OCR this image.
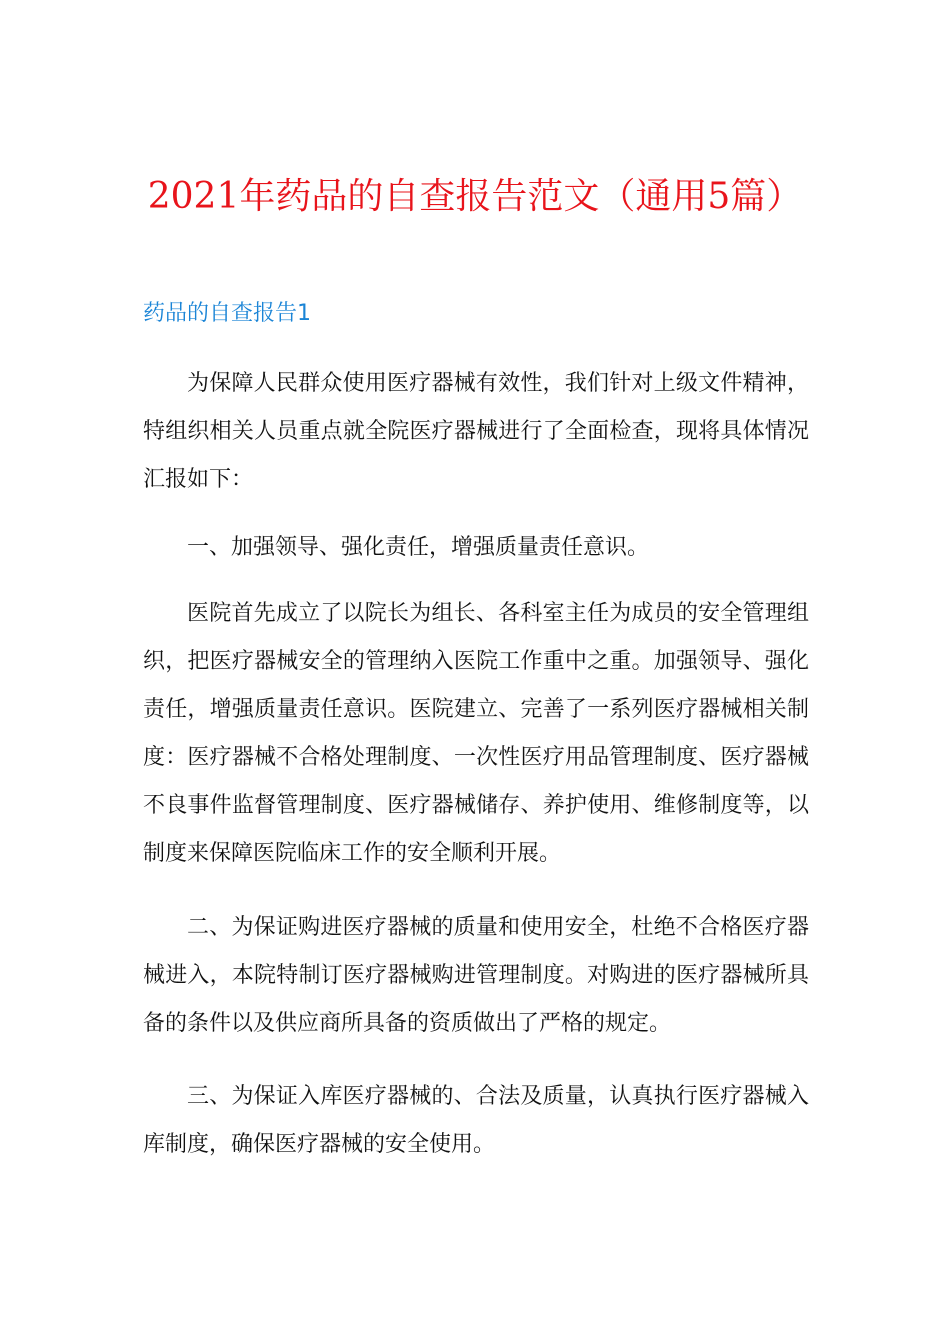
2021年药品的自查报告范文（通用5篇）
药品的自查报告1

为保障人民群众使用医疗器械有效性，我们针对上级文件精神，特组织相关人员重点就全院医疗器械进行了全面检查，现将具体情况汇报如下：

一、加强领导、强化责任，增强质量责任意识。

医院首先成立了以院长为组长、各科室主任为成员的安全管理组织，把医疗器械安全的管理纳入医院工作重中之重。加强领导、强化责任，增强质量责任意识。医院建立、完善了一系列医疗器械相关制度：医疗器械不合格处理制度、一次性医疗用品管理制度、医疗器械不良事件监督管理制度、医疗器械储存、养护使用、维修制度等，以制度来保障医院临床工作的安全顺利开展。

二、为保证购进医疗器械的质量和使用安全，杜绝不合格医疗器械进入，本院特制订医疗器械购进管理制度。对购进的医疗器械所具备的条件以及供应商所具备的资质做出了严格的规定。

三、为保证入库医疗器械的、合法及质量，认真执行医疗器械入库制度，确保医疗器械的安全使用。
